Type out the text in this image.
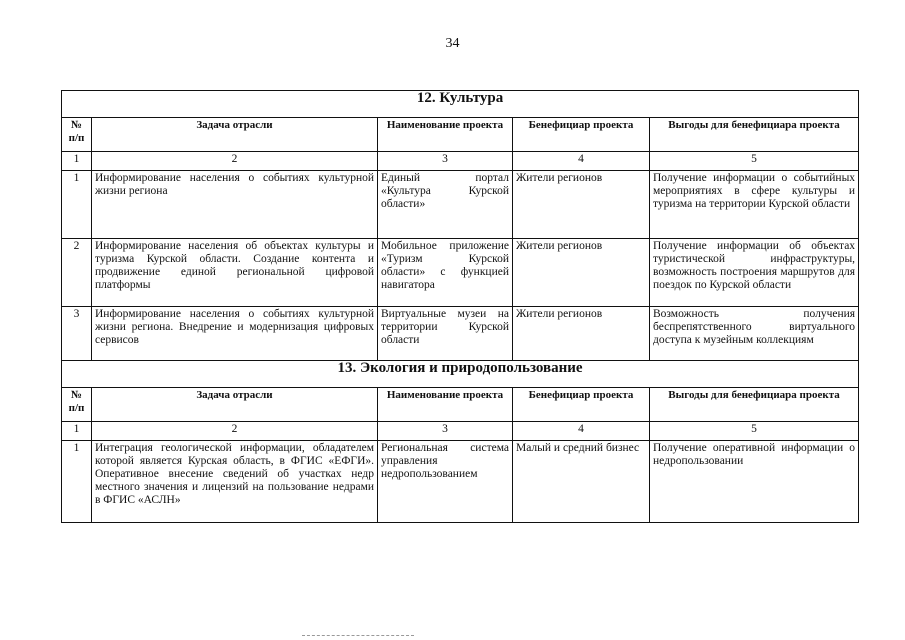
34
12. Культура				
№ п/п	Задача отрасли	Наименование проекта	Бенефициар проекта	Выгоды для бенефициара проекта
1	2	3	4	5
1	Информирование населения о событиях культурной жизни региона	Единый портал «Культура Курской области»	Жители регионов	Получение информации о событийных мероприятиях в сфере культуры и туризма на территории Курской области
2	Информирование населения об объектах культуры и туризма Курской области. Создание контента и продвижение единой региональной цифровой платформы	Мобильное приложение «Туризм Курской области» с функцией навигатора	Жители регионов	Получение информации об объектах туристической инфраструктуры, возможность построения маршрутов для поездок по Курской области
3	Информирование населения о событиях культурной жизни региона. Внедрение и модернизация цифровых сервисов	Виртуальные музеи на территории Курской области	Жители регионов	Возможность получения беспрепятственного виртуального доступа к музейным коллекциям
13. Экология и природопользование				
№ п/п	Задача отрасли	Наименование проекта	Бенефициар проекта	Выгоды для бенефициара проекта
1	2	3	4	5
1	Интеграция геологической информации, обладателем которой является Курская область, в ФГИС «ЕФГИ». Оперативное внесение сведений об участках недр местного значения и лицензий на пользование недрами в ФГИС «АСЛН»	Региональная система управления недропользованием	Малый и средний бизнес	Получение оперативной информации о недропользовании
